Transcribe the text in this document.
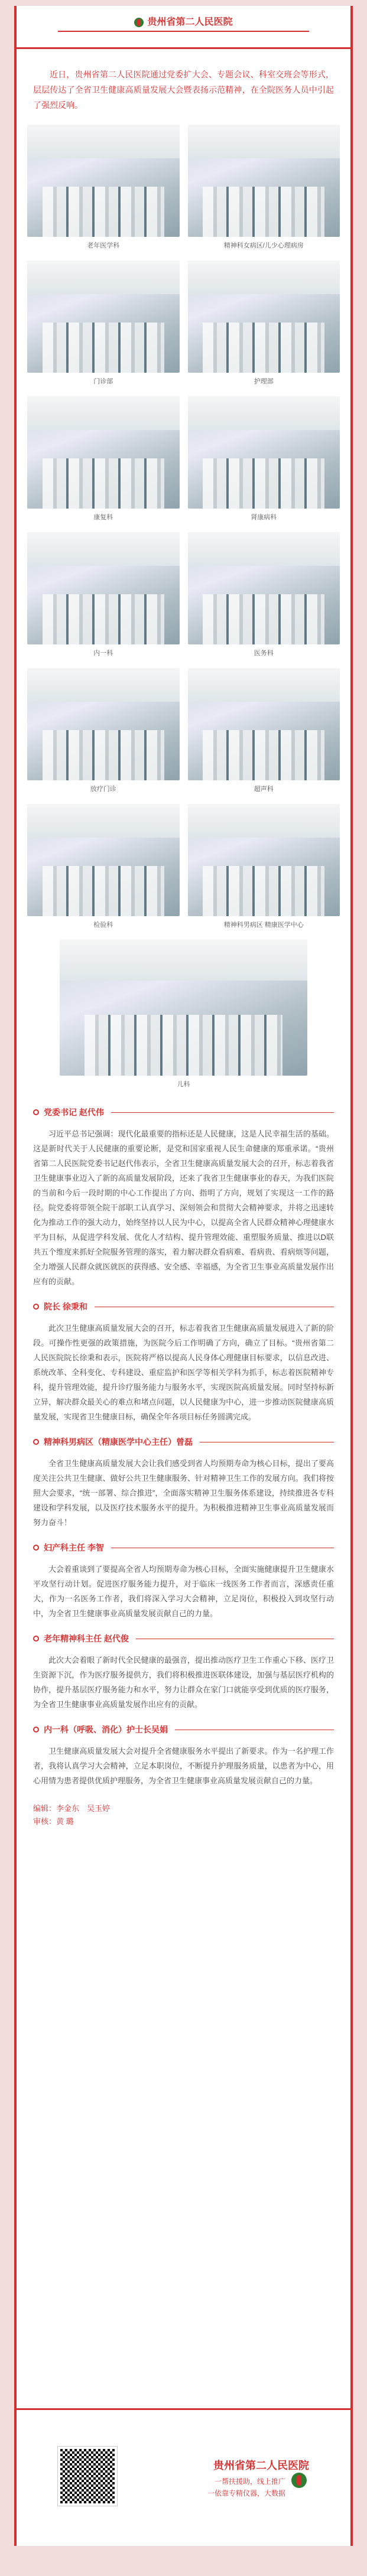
贵州省第二人民医院
近日，贵州省第二人民医院通过党委扩大会、专题会议、科室交班会等形式，层层传达了全省卫生健康高质量发展大会暨表扬示范精神，在全院医务人员中引起了强烈反响。
老年医学科	精神科女病区/儿少心理病房
门诊部	护理部
康复科	肾康病科
内一科	医务科
放疗门诊	超声科
检验科	精神科男病区 精康医学中心
儿科
党委书记 赵代伟
习近平总书记强调：现代化最重要的指标还是人民健康，这是人民幸福生活的基础。这是新时代关于人民健康的重要论断，是党和国家重视人民生命健康的郑重承诺。“贵州省第二人民医院党委书记赵代伟表示，全省卫生健康高质量发展大会的召开，标志着我省卫生健康事业迈入了新的高质量发展阶段，还来了我省卫生健康事业的春天，为我们医院的当前和今后一段时期的中心工作提出了方向、指明了方向，规划了实现这一工作的路径。院党委将带领全院干部职工认真学习、深刻领会和贯彻大会精神要求，并将之迅速转化为推动工作的强大动力，始终坚持以人民为中心，以提高全省人民群众精神心理健康水平为目标，从促进学科发展、优化人才结构、提升管理效能、重塑服务质量、推进以D联共五个维度来抓好全院服务管理的落实，着力解决群众看病难、看病贵、看病烦等问题，全力增强人民群众就医就医的获得感、安全感、幸福感，为全省卫生事业高质量发展作出应有的贡献。
院长 徐秉和
此次卫生健康高质量发展大会的召开，标志着我省卫生健康高质量发展进入了新的阶段。可操作性更强的政策措施，为医院今后工作明确了方向，确立了目标。“贵州省第二人民医院院长徐秉和表示，医院将严格以提高人民身体心理健康目标要求，以信息改进、系统改革、全科变化、专科建设、重症监护和医学等相关学科为抓手，标志着医院精神专科，提升管理效能，提升诊疗服务能力与服务水平，实现医院高质量发展。同时坚持标新立异，解决群众最关心的难点和堵点问题，以人民健康为中心，进一步推动医院健康高质量发展，实现省卫生健康目标，确保全年各项目标任务圆满完成。
精神科男病区（精康医学中心主任）曾磊
全省卫生健康高质量发展大会让我们感受到省人均预期寿命为核心目标，提出了要高度关注公共卫生健康、做好公共卫生健康服务、针对精神卫生工作的发展方向。我们将按照大会要求，“统一部署、综合推进”，全面落实精神卫生服务体系建设，持续推进各专科建设和学科发展，以及医疗技术服务水平的提升。为积极推进精神卫生事业高质量发展而努力奋斗！
妇产科主任 李智
大会着重谈到了要提高全省人均预期寿命为核心目标，全面实施健康提升卫生健康水平攻坚行动计划。促进医疗服务能力提升，对于临床一线医务工作者而言，深感责任重大，作为一名医务工作者，我们将深入学习大会精神，立足岗位，积极投入到攻坚行动中，为全省卫生健康事业高质量发展贡献自己的力量。
老年精神科主任 赵代俊
此次大会着眼了新时代全民健康的最强音，提出推动医疗卫生工作重心下移、医疗卫生资源下沉，作为医疗服务提供方，我们将积极推进医联体建设，加强与基层医疗机构的协作，提升基层医疗服务能力和水平，努力让群众在家门口就能享受到优质的医疗服务，为全省卫生健康事业高质量发展作出应有的贡献。
内一科（呼吸、消化）护士长吴娟
卫生健康高质量发展大会对提升全省健康服务水平提出了新要求。作为一名护理工作者，我将认真学习大会精神，立足本职岗位，不断提升护理服务质量，以患者为中心，用心用情为患者提供优质护理服务，为全省卫生健康事业高质量发展贡献自己的力量。
编辑：李金东　吴玉婷
审核：黄 璐
贵州省第二人民医院
一帮扶援助，线上推广
一依靠专精仪器，大数据
